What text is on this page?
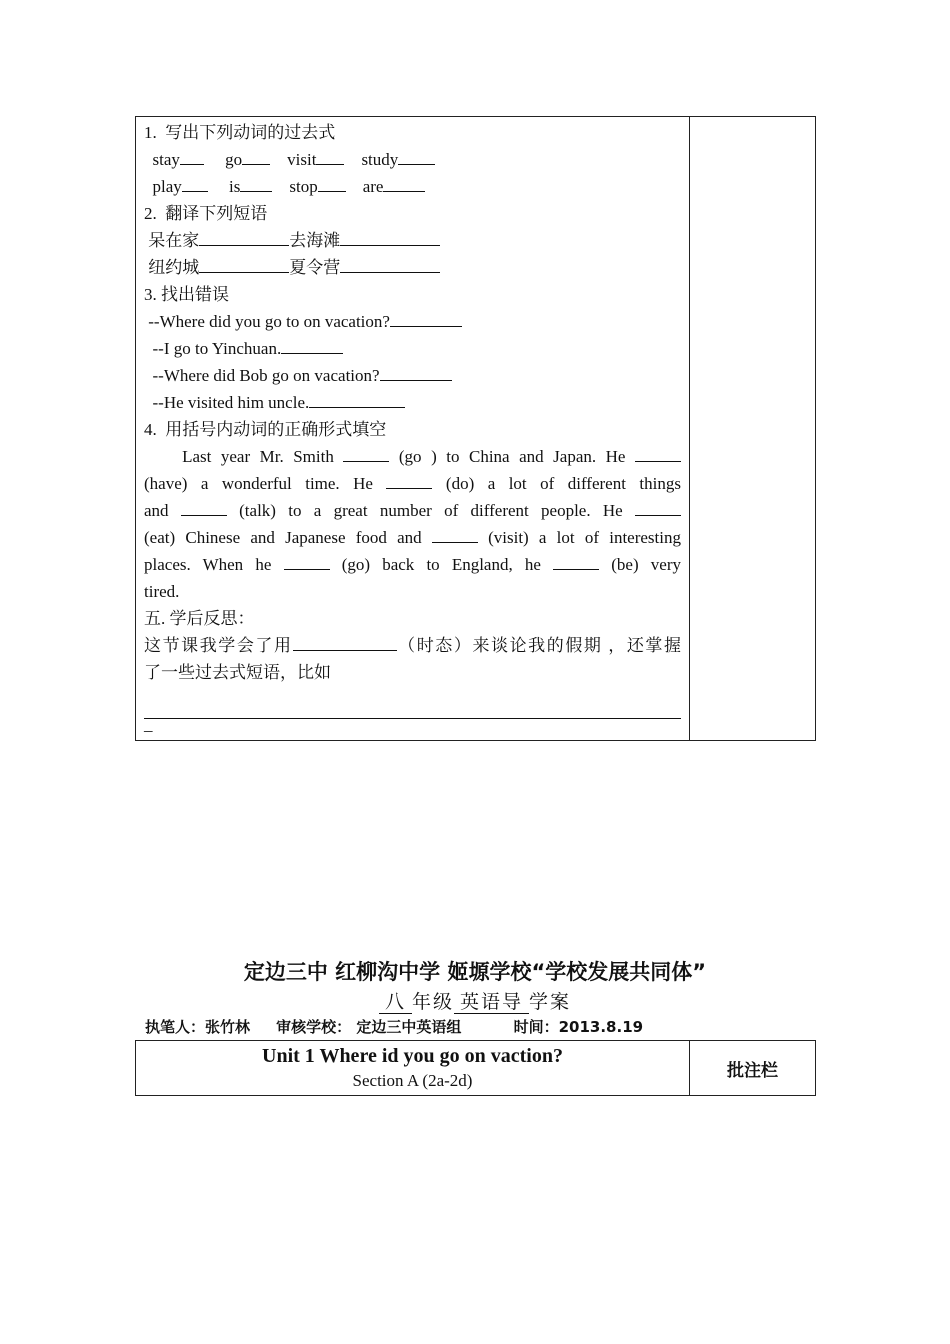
1.  写出下列动词的过去式
stay	go	visit	study
play	is	stop	are
2.  翻译下列短语
呆在家	去海滩
纽约城	夏令营
3. 找出错误
--Where did you go to on vacation?
--I go to Yinchuan.
--Where did Bob go on vacation?
--He visited him uncle.
4.  用括号内动词的正确形式填空
Last year Mr. Smith	(go ) to China and Japan. He
(have) a wonderful time. He	(do) a lot of different things
and	(talk) to a great number of different people. He
(eat) Chinese and Japanese food and	(visit) a lot of interesting
places. When he	(go) back to England, he	(be) very
tired.
五. 学后反思：
这节课我学会了用	（时态）来谈论我的假期 ，还掌握
了一些过去式短语，比如
_
定边三中 红柳沟中学 姬塬学校“学校发展共同体”
八 年级 英语导 学案
执笔人：张竹林 审核学校： 定边三中英语组	时间：2013.8.19
Unit 1 Where id you go on vaction?
Section A (2a-2d)	批注栏
